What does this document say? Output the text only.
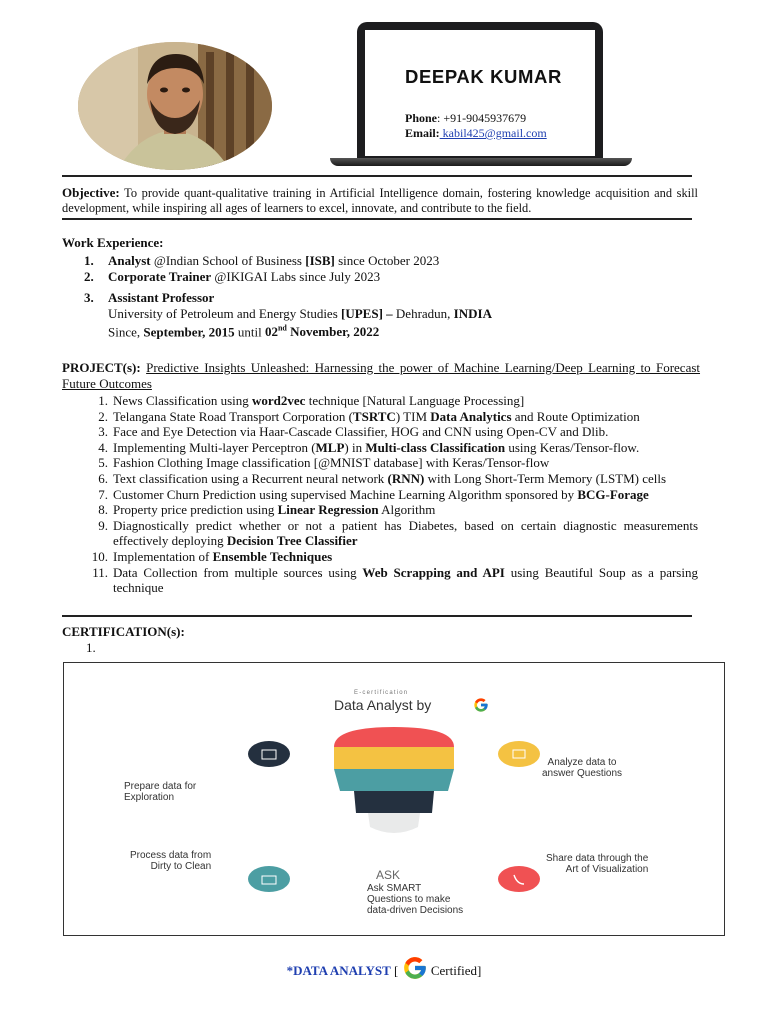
DEEPAK KUMAR
Phone: +91-9045937679
Email: kabil425@gmail.com
Objective: To provide quant-qualitative training in Artificial Intelligence domain, fostering knowledge acquisition and skill development, while inspiring all ages of learners to excel, innovate, and contribute to the field.
Work Experience:
1.	Analyst @Indian School of Business [ISB] since October 2023
2.	Corporate Trainer @IKIGAI Labs since July 2023
3.	Assistant Professor
University of Petroleum and Energy Studies [UPES] – Dehradun, INDIA
Since, September, 2015 until 02nd November, 2022
PROJECT(s): Predictive Insights Unleashed: Harnessing the power of Machine Learning/Deep Learning to Forecast Future Outcomes
1. News Classification using word2vec technique [Natural Language Processing]
2. Telangana State Road Transport Corporation (TSRTC) TIM Data Analytics and Route Optimization
3. Face and Eye Detection via Haar-Cascade Classifier, HOG and CNN using Open-CV and Dlib.
4. Implementing Multi-layer Perceptron (MLP) in Multi-class Classification using Keras/Tensor-flow.
5. Fashion Clothing Image classification [@MNIST database] with Keras/Tensor-flow
6. Text classification using a Recurrent neural network (RNN) with Long Short-Term Memory (LSTM) cells
7. Customer Churn Prediction using supervised Machine Learning Algorithm sponsored by BCG-Forage
8. Property price prediction using Linear Regression Algorithm
9. Diagnostically predict whether or not a patient has Diabetes, based on certain diagnostic measurements effectively deploying Decision Tree Classifier
10. Implementation of Ensemble Techniques
11. Data Collection from multiple sources using Web Scrapping and API using Beautiful Soup as a parsing technique
CERTIFICATION(s):
1.
E-certification
Data Analyst by
Prepare data for
Exploration
Analyze data to
answer Questions
Process data from
Dirty to Clean
Share data through the
Art of Visualization
ASK
Ask SMART
Questions to make
data-driven Decisions
*DATA ANALYST [  Certified]
